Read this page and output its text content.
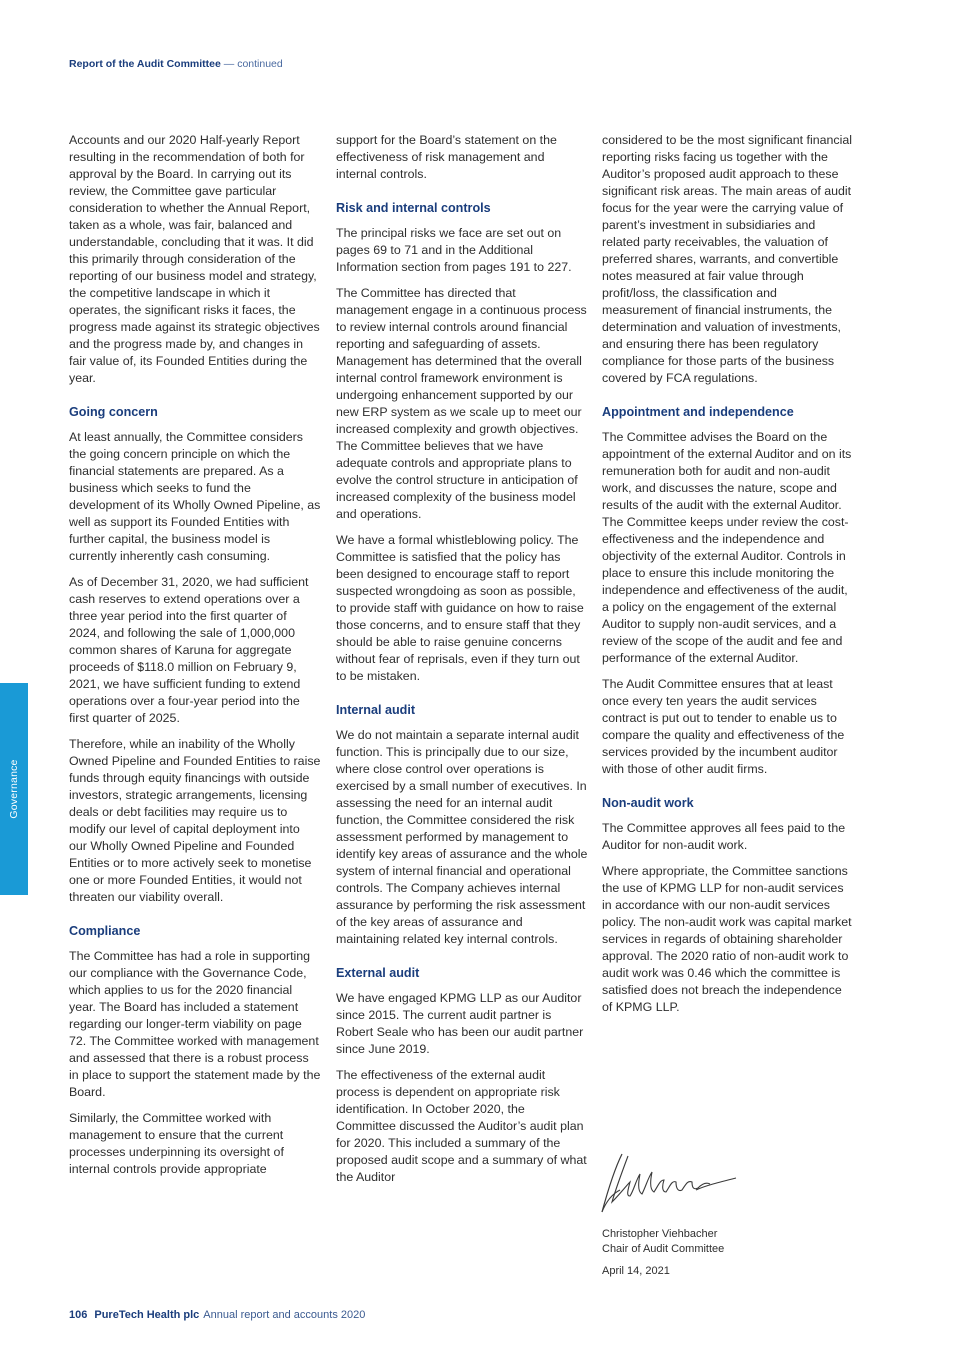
Report of the Audit Committee — continued
Governance

Accounts and our 2020 Half-yearly Report resulting in the recommendation of both for approval by the Board. In carrying out its review, the Committee gave particular consideration to whether the Annual Report, taken as a whole, was fair, balanced and understandable, concluding that it was. It did this primarily through consideration of the reporting of our business model and strategy, the competitive landscape in which it operates, the significant risks it faces, the progress made against its strategic objectives and the progress made by, and changes in fair value of, its Founded Entities during the year.

Going concern

At least annually, the Committee considers the going concern principle on which the financial statements are prepared. As a business which seeks to fund the development of its Wholly Owned Pipeline, as well as support its Founded Entities with further capital, the business model is currently inherently cash consuming.

As of December 31, 2020, we had sufficient cash reserves to extend operations over a three year period into the first quarter of 2024, and following the sale of 1,000,000 common shares of Karuna for aggregate proceeds of $118.0 million on February 9, 2021, we have sufficient funding to extend operations over a four-year period into the first quarter of 2025.

Therefore, while an inability of the Wholly Owned Pipeline and Founded Entities to raise funds through equity financings with outside investors, strategic arrangements, licensing deals or debt facilities may require us to modify our level of capital deployment into our Wholly Owned Pipeline and Founded Entities or to more actively seek to monetise one or more Founded Entities, it would not threaten our viability overall.

Compliance

The Committee has had a role in supporting our compliance with the Governance Code, which applies to us for the 2020 financial year. The Board has included a statement regarding our longer-term viability on page 72. The Committee worked with management and assessed that there is a robust process in place to support the statement made by the Board.

Similarly, the Committee worked with management to ensure that the current processes underpinning its oversight of internal controls provide appropriate

support for the Board’s statement on the effectiveness of risk management and internal controls.

Risk and internal controls

The principal risks we face are set out on pages 69 to 71 and in the Additional Information section from pages 191 to 227.

The Committee has directed that management engage in a continuous process to review internal controls around financial reporting and safeguarding of assets. Management has determined that the overall internal control framework environment is undergoing enhancement supported by our new ERP system as we scale up to meet our increased complexity and growth objectives. The Committee believes that we have adequate controls and appropriate plans to evolve the control structure in anticipation of increased complexity of the business model and operations.

We have a formal whistleblowing policy. The Committee is satisfied that the policy has been designed to encourage staff to report suspected wrongdoing as soon as possible, to provide staff with guidance on how to raise those concerns, and to ensure staff that they should be able to raise genuine concerns without fear of reprisals, even if they turn out to be mistaken.

Internal audit

We do not maintain a separate internal audit function. This is principally due to our size, where close control over operations is exercised by a small number of executives. In assessing the need for an internal audit function, the Committee considered the risk assessment performed by management to identify key areas of assurance and the whole system of internal financial and operational controls. The Company achieves internal assurance by performing the risk assessment of the key areas of assurance and maintaining related key internal controls.

External audit

We have engaged KPMG LLP as our Auditor since 2015. The current audit partner is Robert Seale who has been our audit partner since June 2019.

The effectiveness of the external audit process is dependent on appropriate risk identification. In October 2020, the Committee discussed the Auditor’s audit plan for 2020. This included a summary of the proposed audit scope and a summary of what the Auditor

considered to be the most significant financial reporting risks facing us together with the Auditor’s proposed audit approach to these significant risk areas. The main areas of audit focus for the year were the carrying value of parent’s investment in subsidiaries and related party receivables, the valuation of preferred shares, warrants, and convertible notes measured at fair value through profit/loss, the classification and measurement of financial instruments, the determination and valuation of investments, and ensuring there has been regulatory compliance for those parts of the business covered by FCA regulations.

Appointment and independence

The Committee advises the Board on the appointment of the external Auditor and on its remuneration both for audit and non-audit work, and discusses the nature, scope and results of the audit with the external Auditor. The Committee keeps under review the cost-effectiveness and the independence and objectivity of the external Auditor. Controls in place to ensure this include monitoring the independence and effectiveness of the audit, a policy on the engagement of the external Auditor to supply non-audit services, and a review of the scope of the audit and fee and performance of the external Auditor.

The Audit Committee ensures that at least once every ten years the audit services contract is put out to tender to enable us to compare the quality and effectiveness of the services provided by the incumbent auditor with those of other audit firms.

Non-audit work

The Committee approves all fees paid to the Auditor for non-audit work.

Where appropriate, the Committee sanctions the use of KPMG LLP for non-audit services in accordance with our non-audit services policy. The non-audit work was capital market services in regards of obtaining shareholder approval. The 2020 ratio of non-audit work to audit work was 0.46 which the committee is satisfied does not breach the independence of KPMG LLP.

Christopher Viehbacher
Chair of Audit Committee
April 14, 2021
106 PureTech Health plc Annual report and accounts 2020
